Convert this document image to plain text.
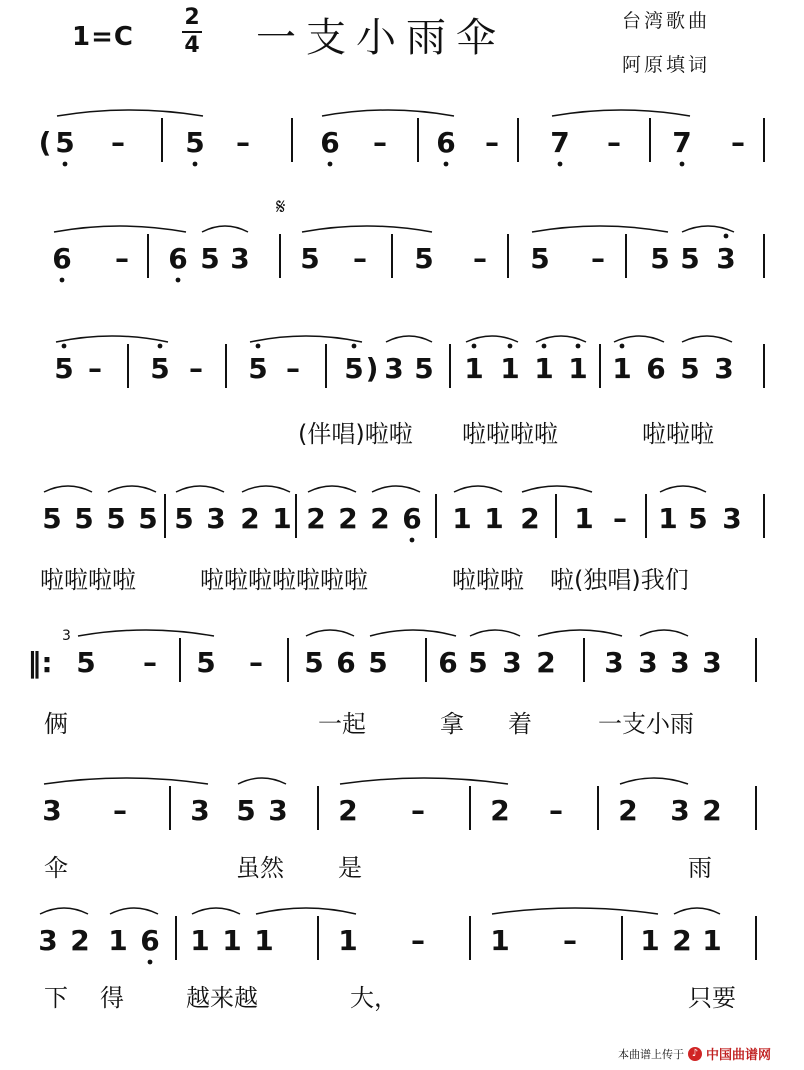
1=C
2
4 一支小雨伞	台湾歌曲
阿原填词
( 5 – 5 –	6 – 6 – 7 – 7 –
6 – 6 5 3 5 – 5 – 5 – 5 5 3
5 – 5 – 5 – 5 ) 3 5 1 1 1 1 1 6 5 3
(伴唱)啦啦 啦啦啦啦	啦啦啦
5 5 5 5 5 3 2 1 2 2 2 6 1 1 2 1 – 1 5 3
啦啦啦啦	啦啦啦啦啦啦啦	啦啦啦 啦(独唱)我们
‖: 5 – 5 – 5 6 5 6 5 3 2 3 3 3 3
俩	一起	拿 着	一支小雨
3 – 3 5 3 2 – 2 – 2 3 2
伞	虽然 是	雨
3 2 1 6 1 1 1 1 – 1 – 1 2 1
下 得	越来越	大，	只要
𝄋
3
本曲谱上传于 ♪ 中国曲谱网
